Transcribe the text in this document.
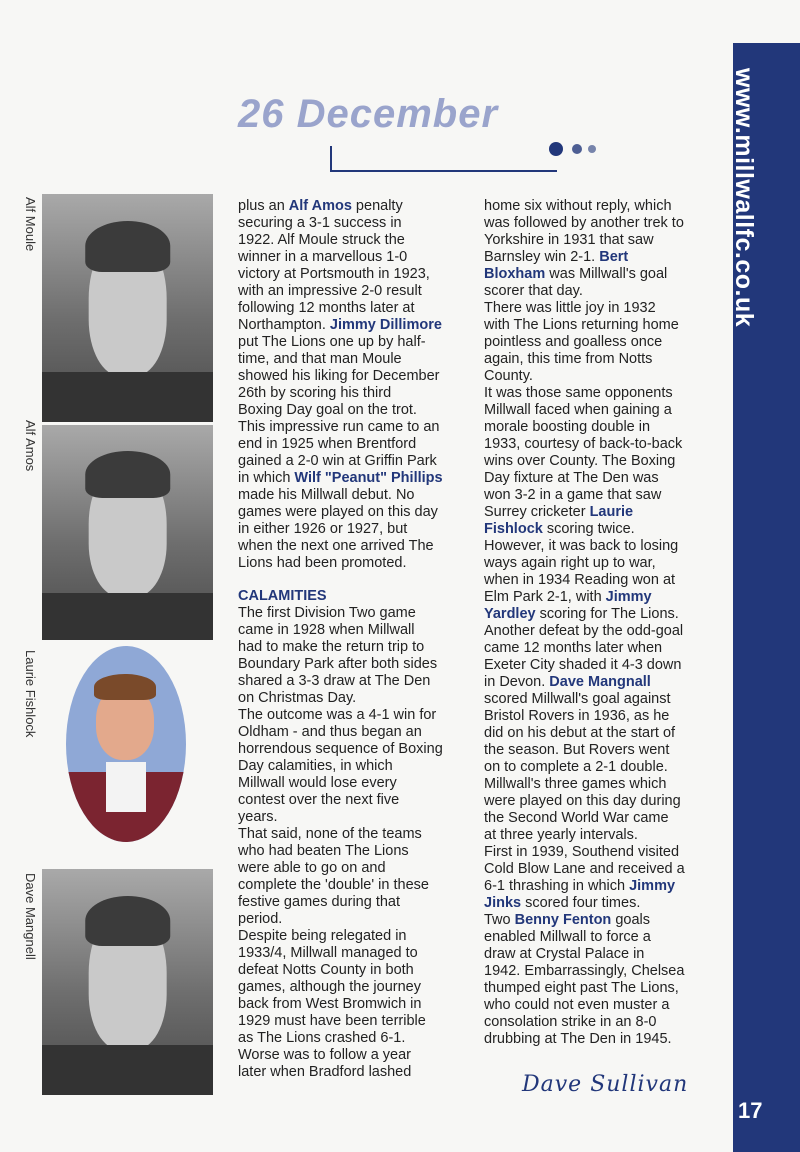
www.millwallfc.co.uk
17
26 December
Alf Moule
Alf Amos
Laurie Fishlock
Dave Mangnell
plus an Alf Amos penalty
securing a 3-1 success in
1922. Alf Moule struck the
winner in a marvellous 1-0
victory at Portsmouth in 1923,
with an impressive 2-0 result
following 12 months later at
Northampton. Jimmy Dillimore
put The Lions one up by half-
time, and that man Moule
showed his liking for December
26th by scoring his third
Boxing Day goal on the trot.
This impressive run came to an
end in 1925 when Brentford
gained a 2-0 win at Griffin Park
in which Wilf "Peanut" Phillips
made his Millwall debut. No
games were played on this day
in either 1926 or 1927, but
when the next one arrived The
Lions had been promoted.
CALAMITIES
The first Division Two game
came in 1928 when Millwall
had to make the return trip to
Boundary Park after both sides
shared a 3-3 draw at The Den
on Christmas Day.
The outcome was a 4-1 win for
Oldham - and thus began an
horrendous sequence of Boxing
Day calamities, in which
Millwall would lose every
contest over the next five
years.
That said, none of the teams
who had beaten The Lions
were able to go on and
complete the 'double' in these
festive games during that
period.
Despite being relegated in
1933/4, Millwall managed to
defeat Notts County in both
games, although the journey
back from West Bromwich in
1929 must have been terrible
as The Lions crashed 6-1.
Worse was to follow a year
later when Bradford lashed
home six without reply, which
was followed by another trek to
Yorkshire in 1931 that saw
Barnsley win 2-1. Bert
Bloxham was Millwall's goal
scorer that day.
There was little joy in 1932
with The Lions returning home
pointless and goalless once
again, this time from Notts
County.
It was those same opponents
Millwall faced when gaining a
morale boosting double in
1933, courtesy of back-to-back
wins over County. The Boxing
Day fixture at The Den was
won 3-2 in a game that saw
Surrey cricketer Laurie
Fishlock scoring twice.
However, it was back to losing
ways again right up to war,
when in 1934 Reading won at
Elm Park 2-1, with Jimmy
Yardley scoring for The Lions.
Another defeat by the odd-goal
came 12 months later when
Exeter City shaded it 4-3 down
in Devon. Dave Mangnall
scored Millwall's goal against
Bristol Rovers in 1936, as he
did on his debut at the start of
the season. But Rovers went
on to complete a 2-1 double.
Millwall's three games which
were played on this day during
the Second World War came
at three yearly intervals.
First in 1939, Southend visited
Cold Blow Lane and received a
6-1 thrashing in which Jimmy
Jinks scored four times.
Two Benny Fenton goals
enabled Millwall to force a
draw at Crystal Palace in
1942. Embarrassingly, Chelsea
thumped eight past The Lions,
who could not even muster a
consolation strike in an 8-0
drubbing at The Den in 1945.
Dave Sullivan
